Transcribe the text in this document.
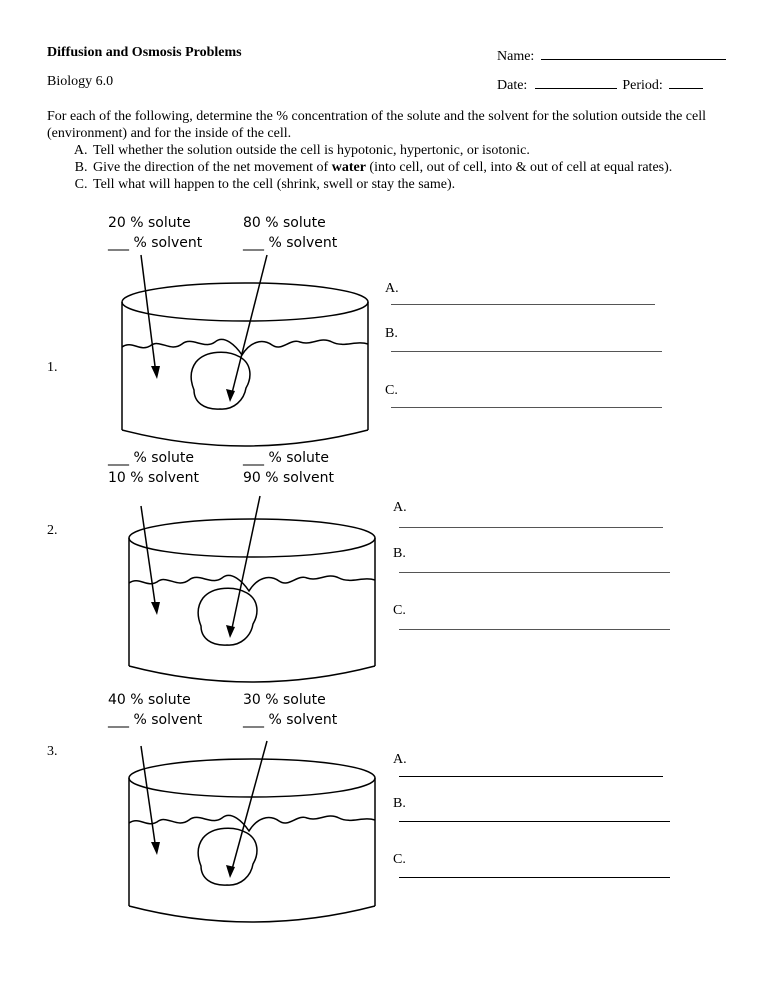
Diffusion and Osmosis Problems
Biology 6.0
Name:
Date:	Period:

For each of the following, determine the % concentration of the solute and the solvent for the solution outside the cell (environment) and for the inside of the cell.

A. Tell whether the solution outside the cell is hypotonic, hypertonic, or isotonic.
B. Give the direction of the net movement of water (into cell, out of cell, into & out of cell at equal rates).
C. Tell what will happen to the cell (shrink, swell or stay the same).
20 % solute
___ % solvent
80 % solute
___ % solvent
1.
A.
B.
C.
___ % solute
10 % solvent
___ % solute
90 % solvent
2.
A.
B.
C.
40 % solute
___ % solvent
30 % solute
___ % solvent
3.
A.
B.
C.
